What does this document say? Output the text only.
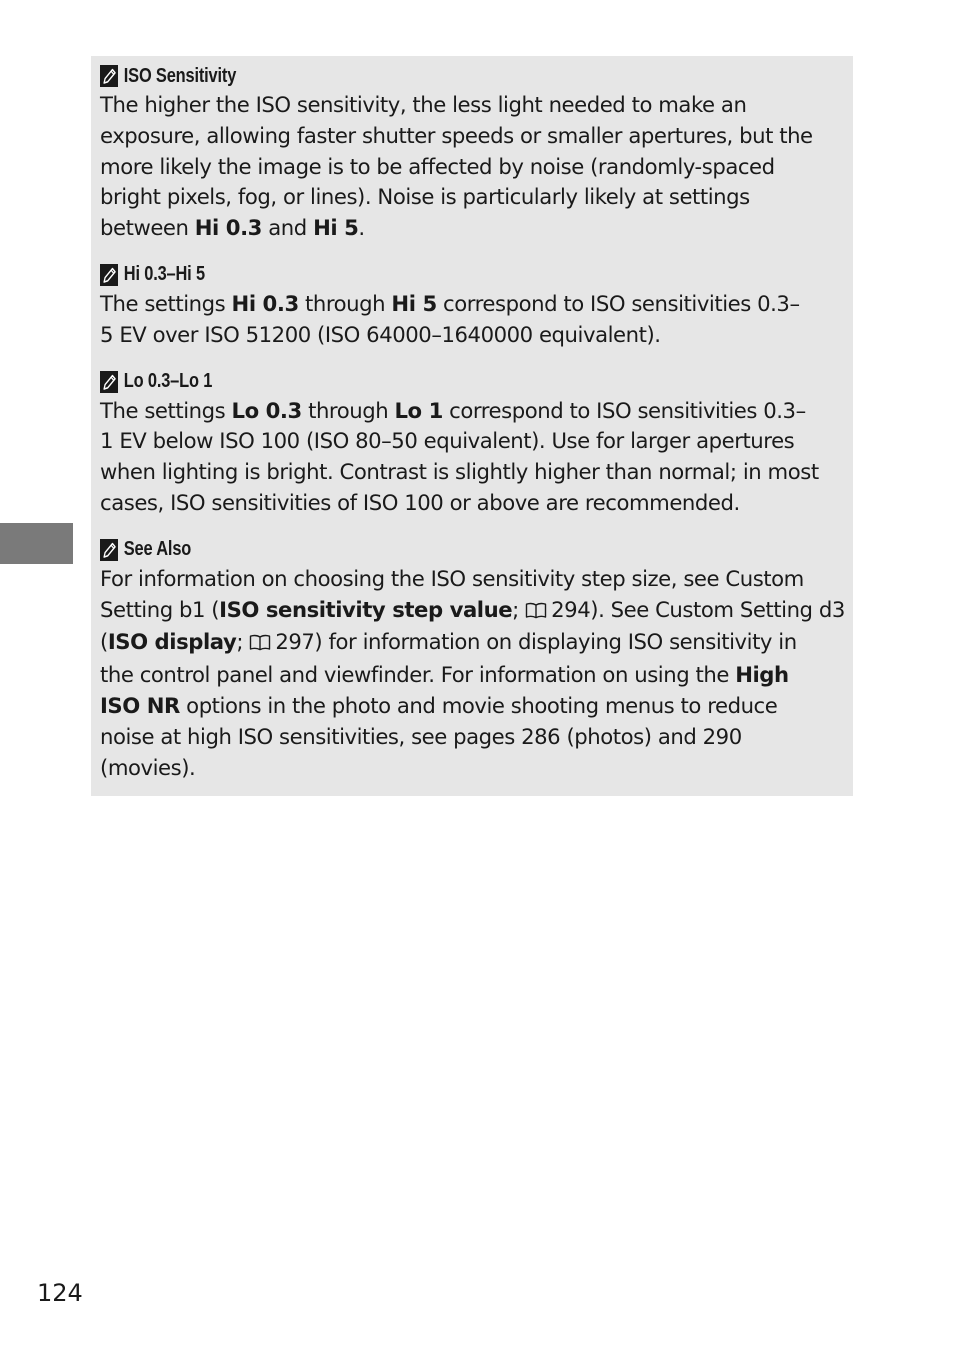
ISO Sensitivity
The higher the ISO sensitivity, the less light needed to make an
exposure, allowing faster shutter speeds or smaller apertures, but the
more likely the image is to be affected by noise (randomly-spaced
bright pixels, fog, or lines). Noise is particularly likely at settings
between Hi 0.3 and Hi 5.
Hi 0.3–Hi 5
The settings Hi 0.3 through Hi 5 correspond to ISO sensitivities 0.3–
5 EV over ISO 51200 (ISO 64000–1640000 equivalent).
Lo 0.3–Lo 1
The settings Lo 0.3 through Lo 1 correspond to ISO sensitivities 0.3–
1 EV below ISO 100 (ISO 80–50 equivalent). Use for larger apertures
when lighting is bright. Contrast is slightly higher than normal; in most
cases, ISO sensitivities of ISO 100 or above are recommended.
See Also
For information on choosing the ISO sensitivity step size, see Custom
Setting b1 (ISO sensitivity step value; 294). See Custom Setting d3
(ISO display; 297) for information on displaying ISO sensitivity in
the control panel and viewfinder. For information on using the High
ISO NR options in the photo and movie shooting menus to reduce
noise at high ISO sensitivities, see pages 286 (photos) and 290
(movies).
124
